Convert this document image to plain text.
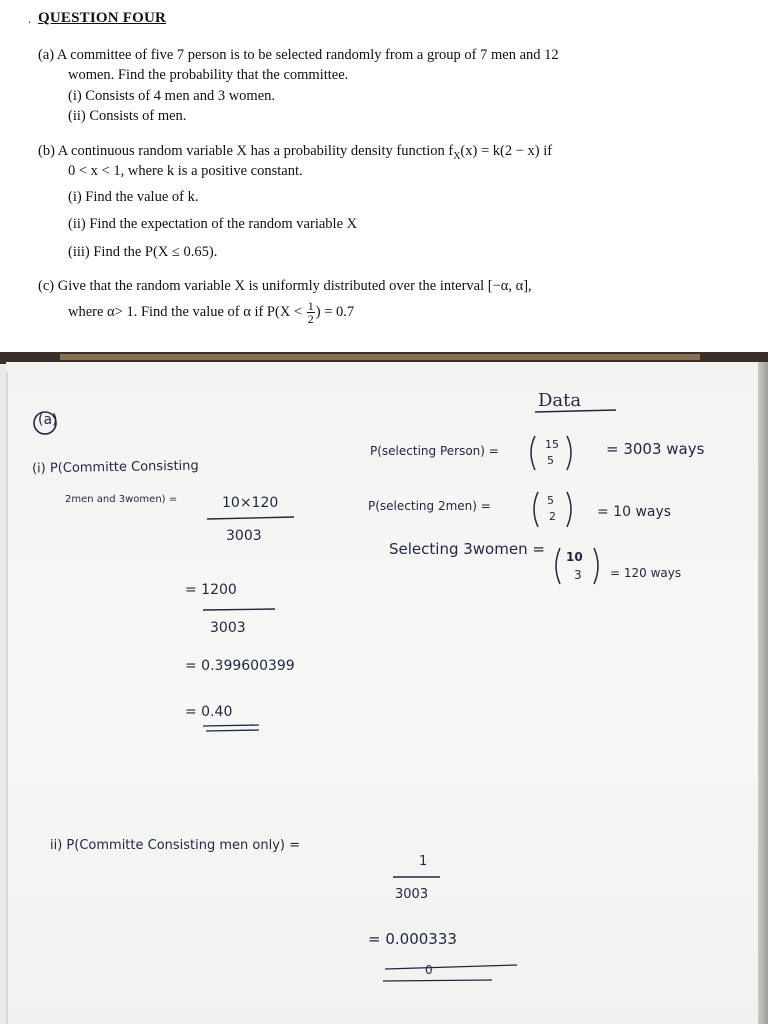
. QUESTION FOUR
(a) A committee of five 7 person is to be selected randomly from a group of 7 men and 12
women. Find the probability that the committee.
(i) Consists of 4 men and 3 women.
(ii) Consists of men.
(b) A continuous random variable X has a probability density function $f_X(x) = k(2 - x)$ if
0 < x < 1, where k is a positive constant.
(i) Find the value of k.
(ii) Find the expectation of the random variable X
(iii) Find the P(X ≤ 0.65).
(c) Give that the random variable X is uniformly distributed over the interval [−α, α],
where α> 1. Find the value of α if $P(X < \frac{1}{2}$ ) = 0.7
(a)
(i) P(Committe Consisting
2men and 3women) =	10×120
3003
= 1200
3003
= 0.399600399
= 0.40
Data
P(selecting Person) =	15
5
= 3003 ways
P(selecting 2men) =	5
2	= 10 ways
Selecting 3women = 10
3 = 120 ways
ii) P(Committe Consisting men only) =
1
3003
= 0.000333
0
